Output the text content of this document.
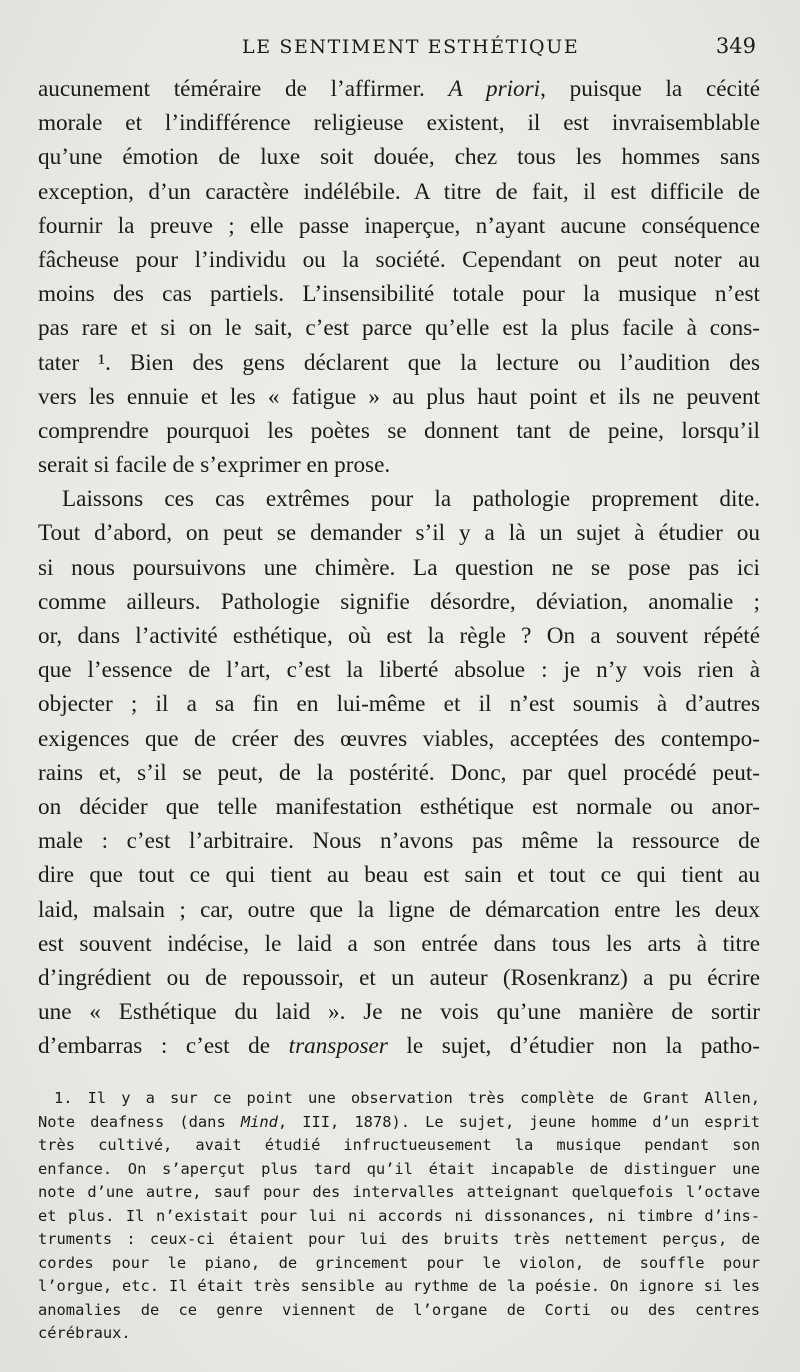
LE SENTIMENT ESTHÉTIQUE	349
aucunement téméraire de l’affirmer. A priori, puisque la cécité
morale et l’indifférence religieuse existent, il est invraisemblable
qu’une émotion de luxe soit douée, chez tous les hommes sans
exception, d’un caractère indélébile. A titre de fait, il est difficile de
fournir la preuve ; elle passe inaperçue, n’ayant aucune conséquence
fâcheuse pour l’individu ou la société. Cependant on peut noter au
moins des cas partiels. L’insensibilité totale pour la musique n’est
pas rare et si on le sait, c’est parce qu’elle est la plus facile à cons-
tater ¹. Bien des gens déclarent que la lecture ou l’audition des
vers les ennuie et les « fatigue » au plus haut point et ils ne peuvent
comprendre pourquoi les poètes se donnent tant de peine, lorsqu’il
serait si facile de s’exprimer en prose.
Laissons ces cas extrêmes pour la pathologie proprement dite.
Tout d’abord, on peut se demander s’il y a là un sujet à étudier ou
si nous poursuivons une chimère. La question ne se pose pas ici
comme ailleurs. Pathologie signifie désordre, déviation, anomalie ;
or, dans l’activité esthétique, où est la règle ? On a souvent répété
que l’essence de l’art, c’est la liberté absolue : je n’y vois rien à
objecter ; il a sa fin en lui-même et il n’est soumis à d’autres
exigences que de créer des œuvres viables, acceptées des contempo-
rains et, s’il se peut, de la postérité. Donc, par quel procédé peut-
on décider que telle manifestation esthétique est normale ou anor-
male : c’est l’arbitraire. Nous n’avons pas même la ressource de
dire que tout ce qui tient au beau est sain et tout ce qui tient au
laid, malsain ; car, outre que la ligne de démarcation entre les deux
est souvent indécise, le laid a son entrée dans tous les arts à titre
d’ingrédient ou de repoussoir, et un auteur (Rosenkranz) a pu écrire
une « Esthétique du laid ». Je ne vois qu’une manière de sortir
d’embarras : c’est de transposer le sujet, d’étudier non la patho-
1. Il y a sur ce point une observation très complète de Grant Allen,
Note deafness (dans Mind, III, 1878). Le sujet, jeune homme d’un esprit
très cultivé, avait étudié infructueusement la musique pendant son
enfance. On s’aperçut plus tard qu’il était incapable de distinguer une
note d’une autre, sauf pour des intervalles atteignant quelquefois l’octave
et plus. Il n’existait pour lui ni accords ni dissonances, ni timbre d’ins-
truments : ceux-ci étaient pour lui des bruits très nettement perçus, de
cordes pour le piano, de grincement pour le violon, de souffle pour
l’orgue, etc. Il était très sensible au rythme de la poésie. On ignore si les
anomalies de ce genre viennent de l’organe de Corti ou des centres
cérébraux.
